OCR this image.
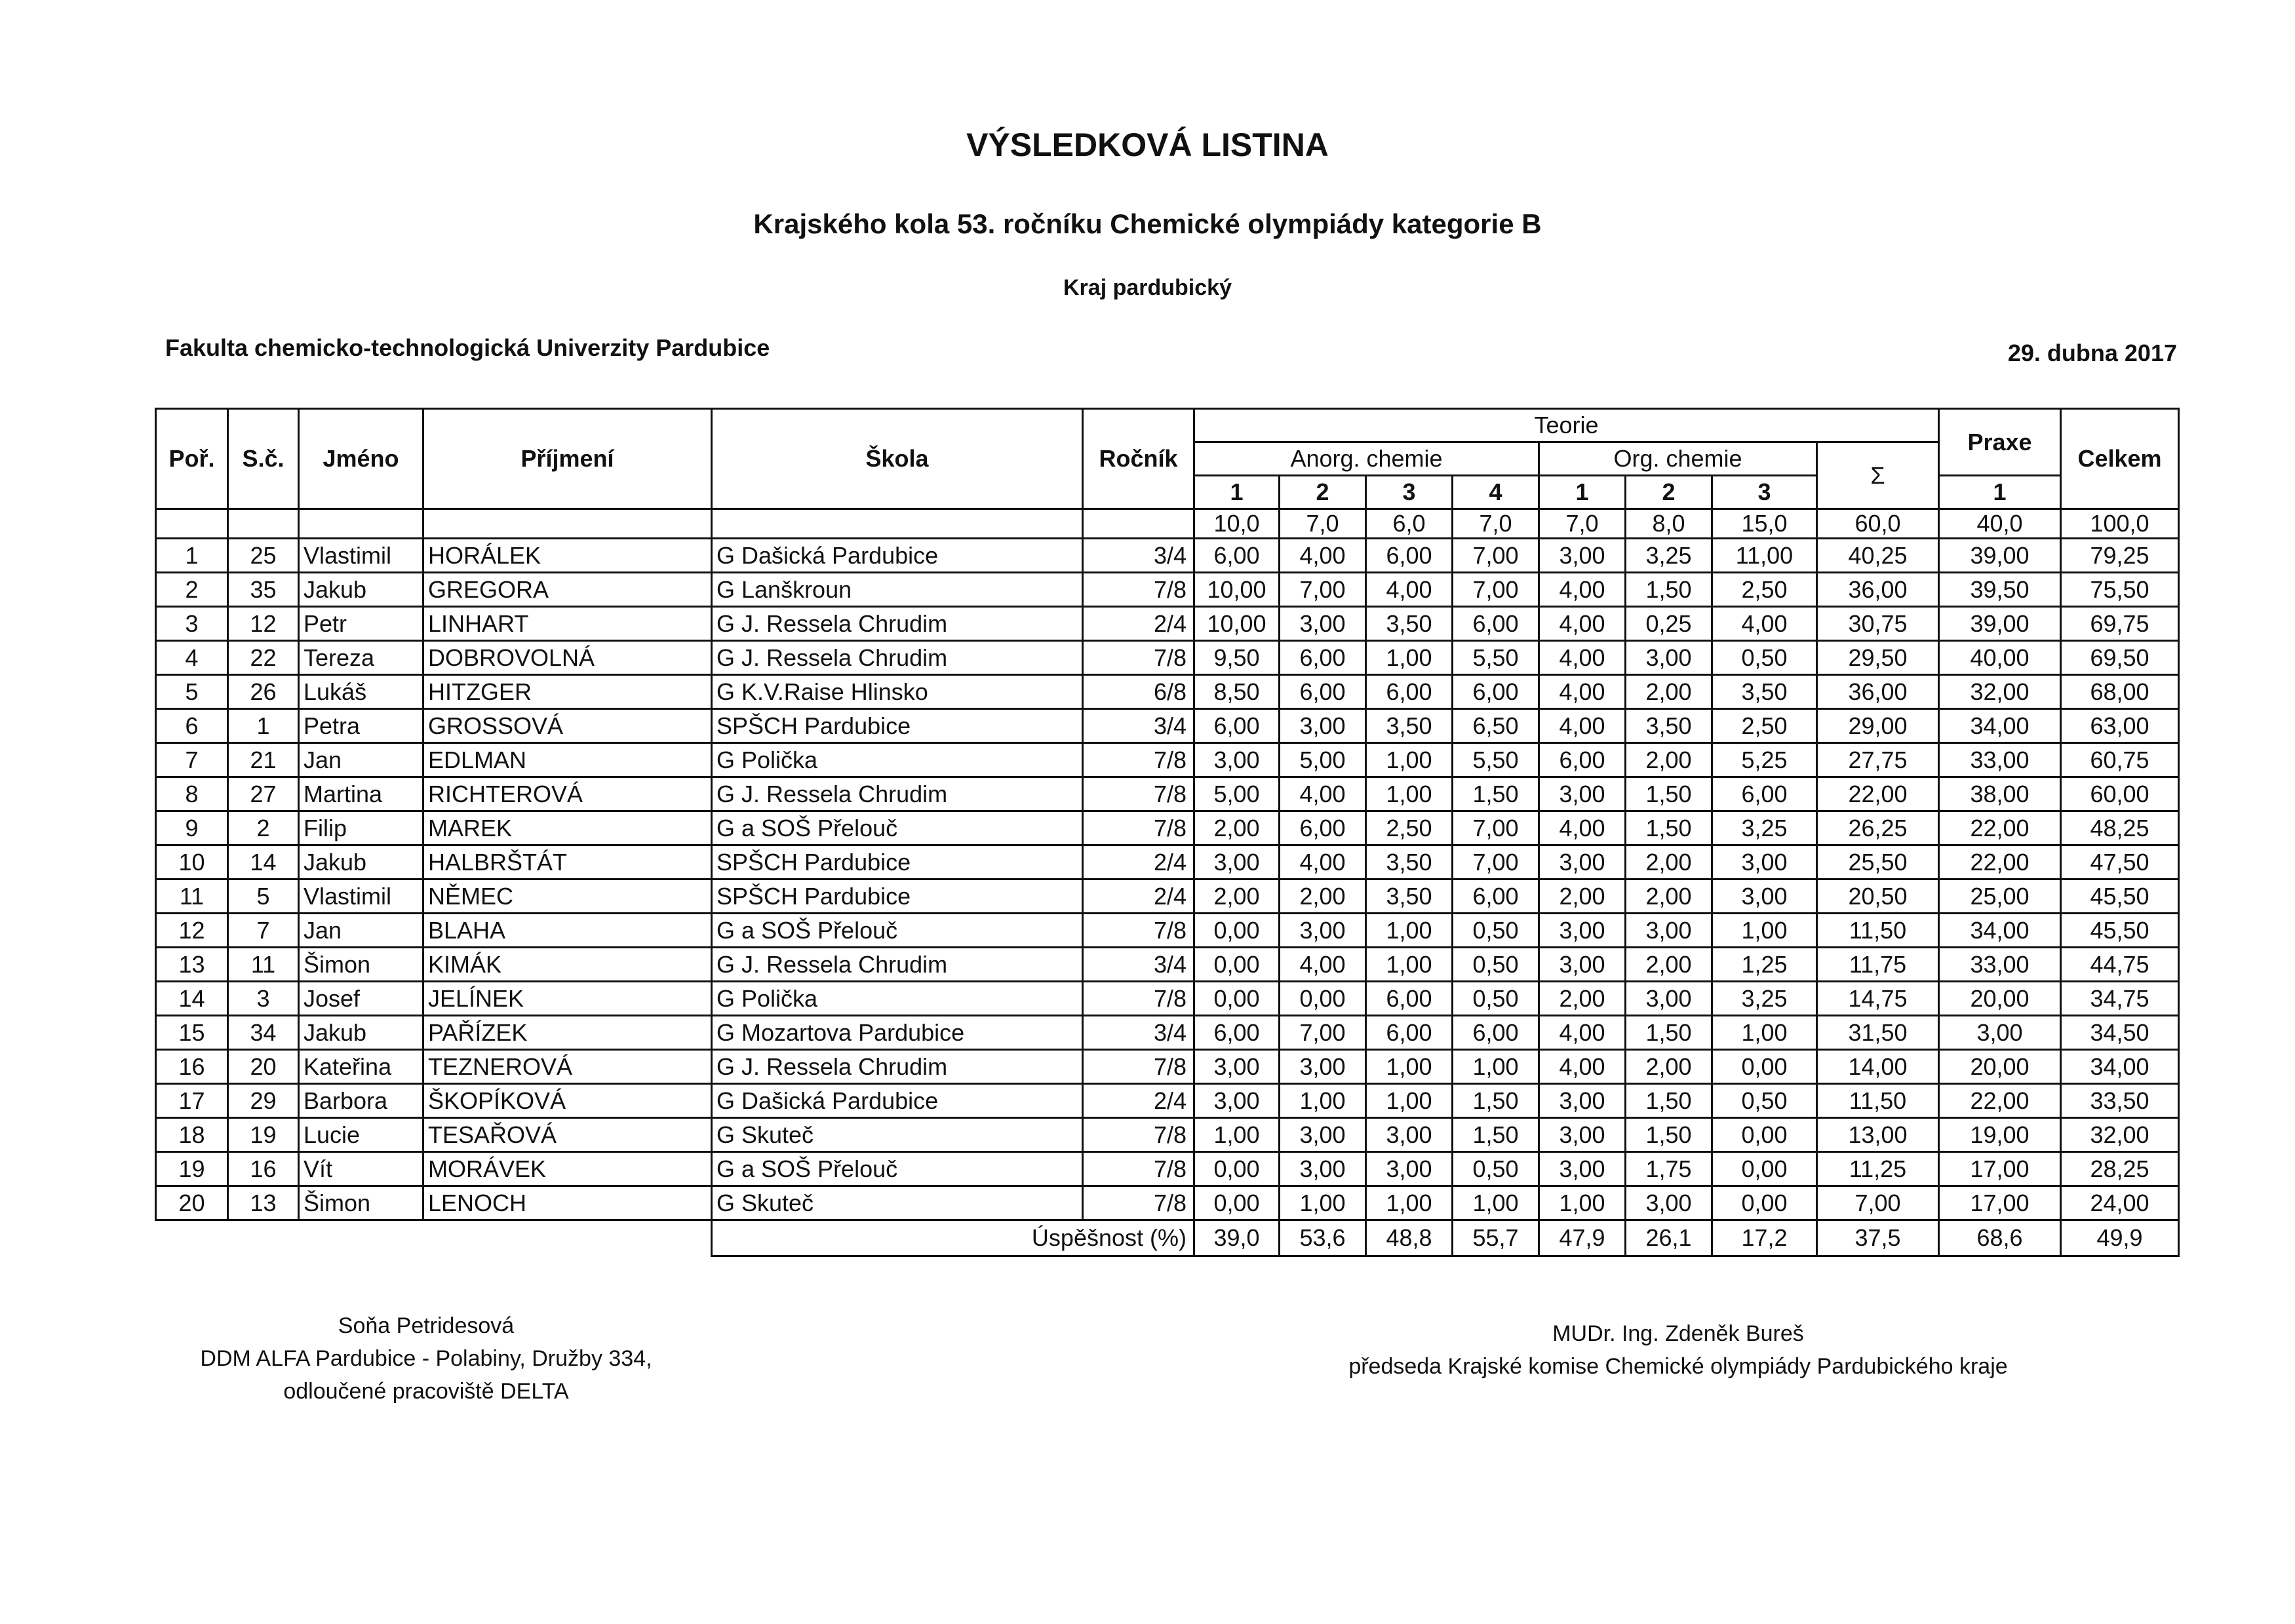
VÝSLEDKOVÁ LISTINA
Krajského kola 53. ročníku Chemické olympiády kategorie B
Kraj pardubický
Fakulta chemicko-technologická Univerzity Pardubice	29. dubna 2017
Poř.	S.č.	Jméno	Příjmení	Škola	Ročník	Teorie								Praxe	Celkem
						Anorg. chemie				Org. chemie			Σ		
						1	2	3	4	1	2	3		1	
						10,0	7,0	6,0	7,0	7,0	8,0	15,0	60,0	40,0	100,0
1	25	Vlastimil	HORÁLEK	G Dašická Pardubice	3/4	6,00	4,00	6,00	7,00	3,00	3,25	11,00	40,25	39,00	79,25
2	35	Jakub	GREGORA	G Lanškroun	7/8	10,00	7,00	4,00	7,00	4,00	1,50	2,50	36,00	39,50	75,50
3	12	Petr	LINHART	G J. Ressela Chrudim	2/4	10,00	3,00	3,50	6,00	4,00	0,25	4,00	30,75	39,00	69,75
4	22	Tereza	DOBROVOLNÁ	G J. Ressela Chrudim	7/8	9,50	6,00	1,00	5,50	4,00	3,00	0,50	29,50	40,00	69,50
5	26	Lukáš	HITZGER	G K.V.Raise Hlinsko	6/8	8,50	6,00	6,00	6,00	4,00	2,00	3,50	36,00	32,00	68,00
6	1	Petra	GROSSOVÁ	SPŠCH Pardubice	3/4	6,00	3,00	3,50	6,50	4,00	3,50	2,50	29,00	34,00	63,00
7	21	Jan	EDLMAN	G Polička	7/8	3,00	5,00	1,00	5,50	6,00	2,00	5,25	27,75	33,00	60,75
8	27	Martina	RICHTEROVÁ	G J. Ressela Chrudim	7/8	5,00	4,00	1,00	1,50	3,00	1,50	6,00	22,00	38,00	60,00
9	2	Filip	MAREK	G a SOŠ Přelouč	7/8	2,00	6,00	2,50	7,00	4,00	1,50	3,25	26,25	22,00	48,25
10	14	Jakub	HALBRŠTÁT	SPŠCH Pardubice	2/4	3,00	4,00	3,50	7,00	3,00	2,00	3,00	25,50	22,00	47,50
11	5	Vlastimil	NĚMEC	SPŠCH Pardubice	2/4	2,00	2,00	3,50	6,00	2,00	2,00	3,00	20,50	25,00	45,50
12	7	Jan	BLAHA	G a SOŠ Přelouč	7/8	0,00	3,00	1,00	0,50	3,00	3,00	1,00	11,50	34,00	45,50
13	11	Šimon	KIMÁK	G J. Ressela Chrudim	3/4	0,00	4,00	1,00	0,50	3,00	2,00	1,25	11,75	33,00	44,75
14	3	Josef	JELÍNEK	G Polička	7/8	0,00	0,00	6,00	0,50	2,00	3,00	3,25	14,75	20,00	34,75
15	34	Jakub	PAŘÍZEK	G Mozartova Pardubice	3/4	6,00	7,00	6,00	6,00	4,00	1,50	1,00	31,50	3,00	34,50
16	20	Kateřina	TEZNEROVÁ	G J. Ressela Chrudim	7/8	3,00	3,00	1,00	1,00	4,00	2,00	0,00	14,00	20,00	34,00
17	29	Barbora	ŠKOPÍKOVÁ	G Dašická Pardubice	2/4	3,00	1,00	1,00	1,50	3,00	1,50	0,50	11,50	22,00	33,50
18	19	Lucie	TESAŘOVÁ	G Skuteč	7/8	1,00	3,00	3,00	1,50	3,00	1,50	0,00	13,00	19,00	32,00
19	16	Vít	MORÁVEK	G a SOŠ Přelouč	7/8	0,00	3,00	3,00	0,50	3,00	1,75	0,00	11,25	17,00	28,25
20	13	Šimon	LENOCH	G Skuteč	7/8	0,00	1,00	1,00	1,00	1,00	3,00	0,00	7,00	17,00	24,00
				Úspěšnost (%)		39,0	53,6	48,8	55,7	47,9	26,1	17,2	37,5	68,6	49,9
Soňa Petridesová
DDM ALFA Pardubice - Polabiny, Družby 334,
odloučené pracoviště DELTA
MUDr. Ing. Zdeněk Bureš
předseda Krajské komise Chemické olympiády Pardubického kraje
